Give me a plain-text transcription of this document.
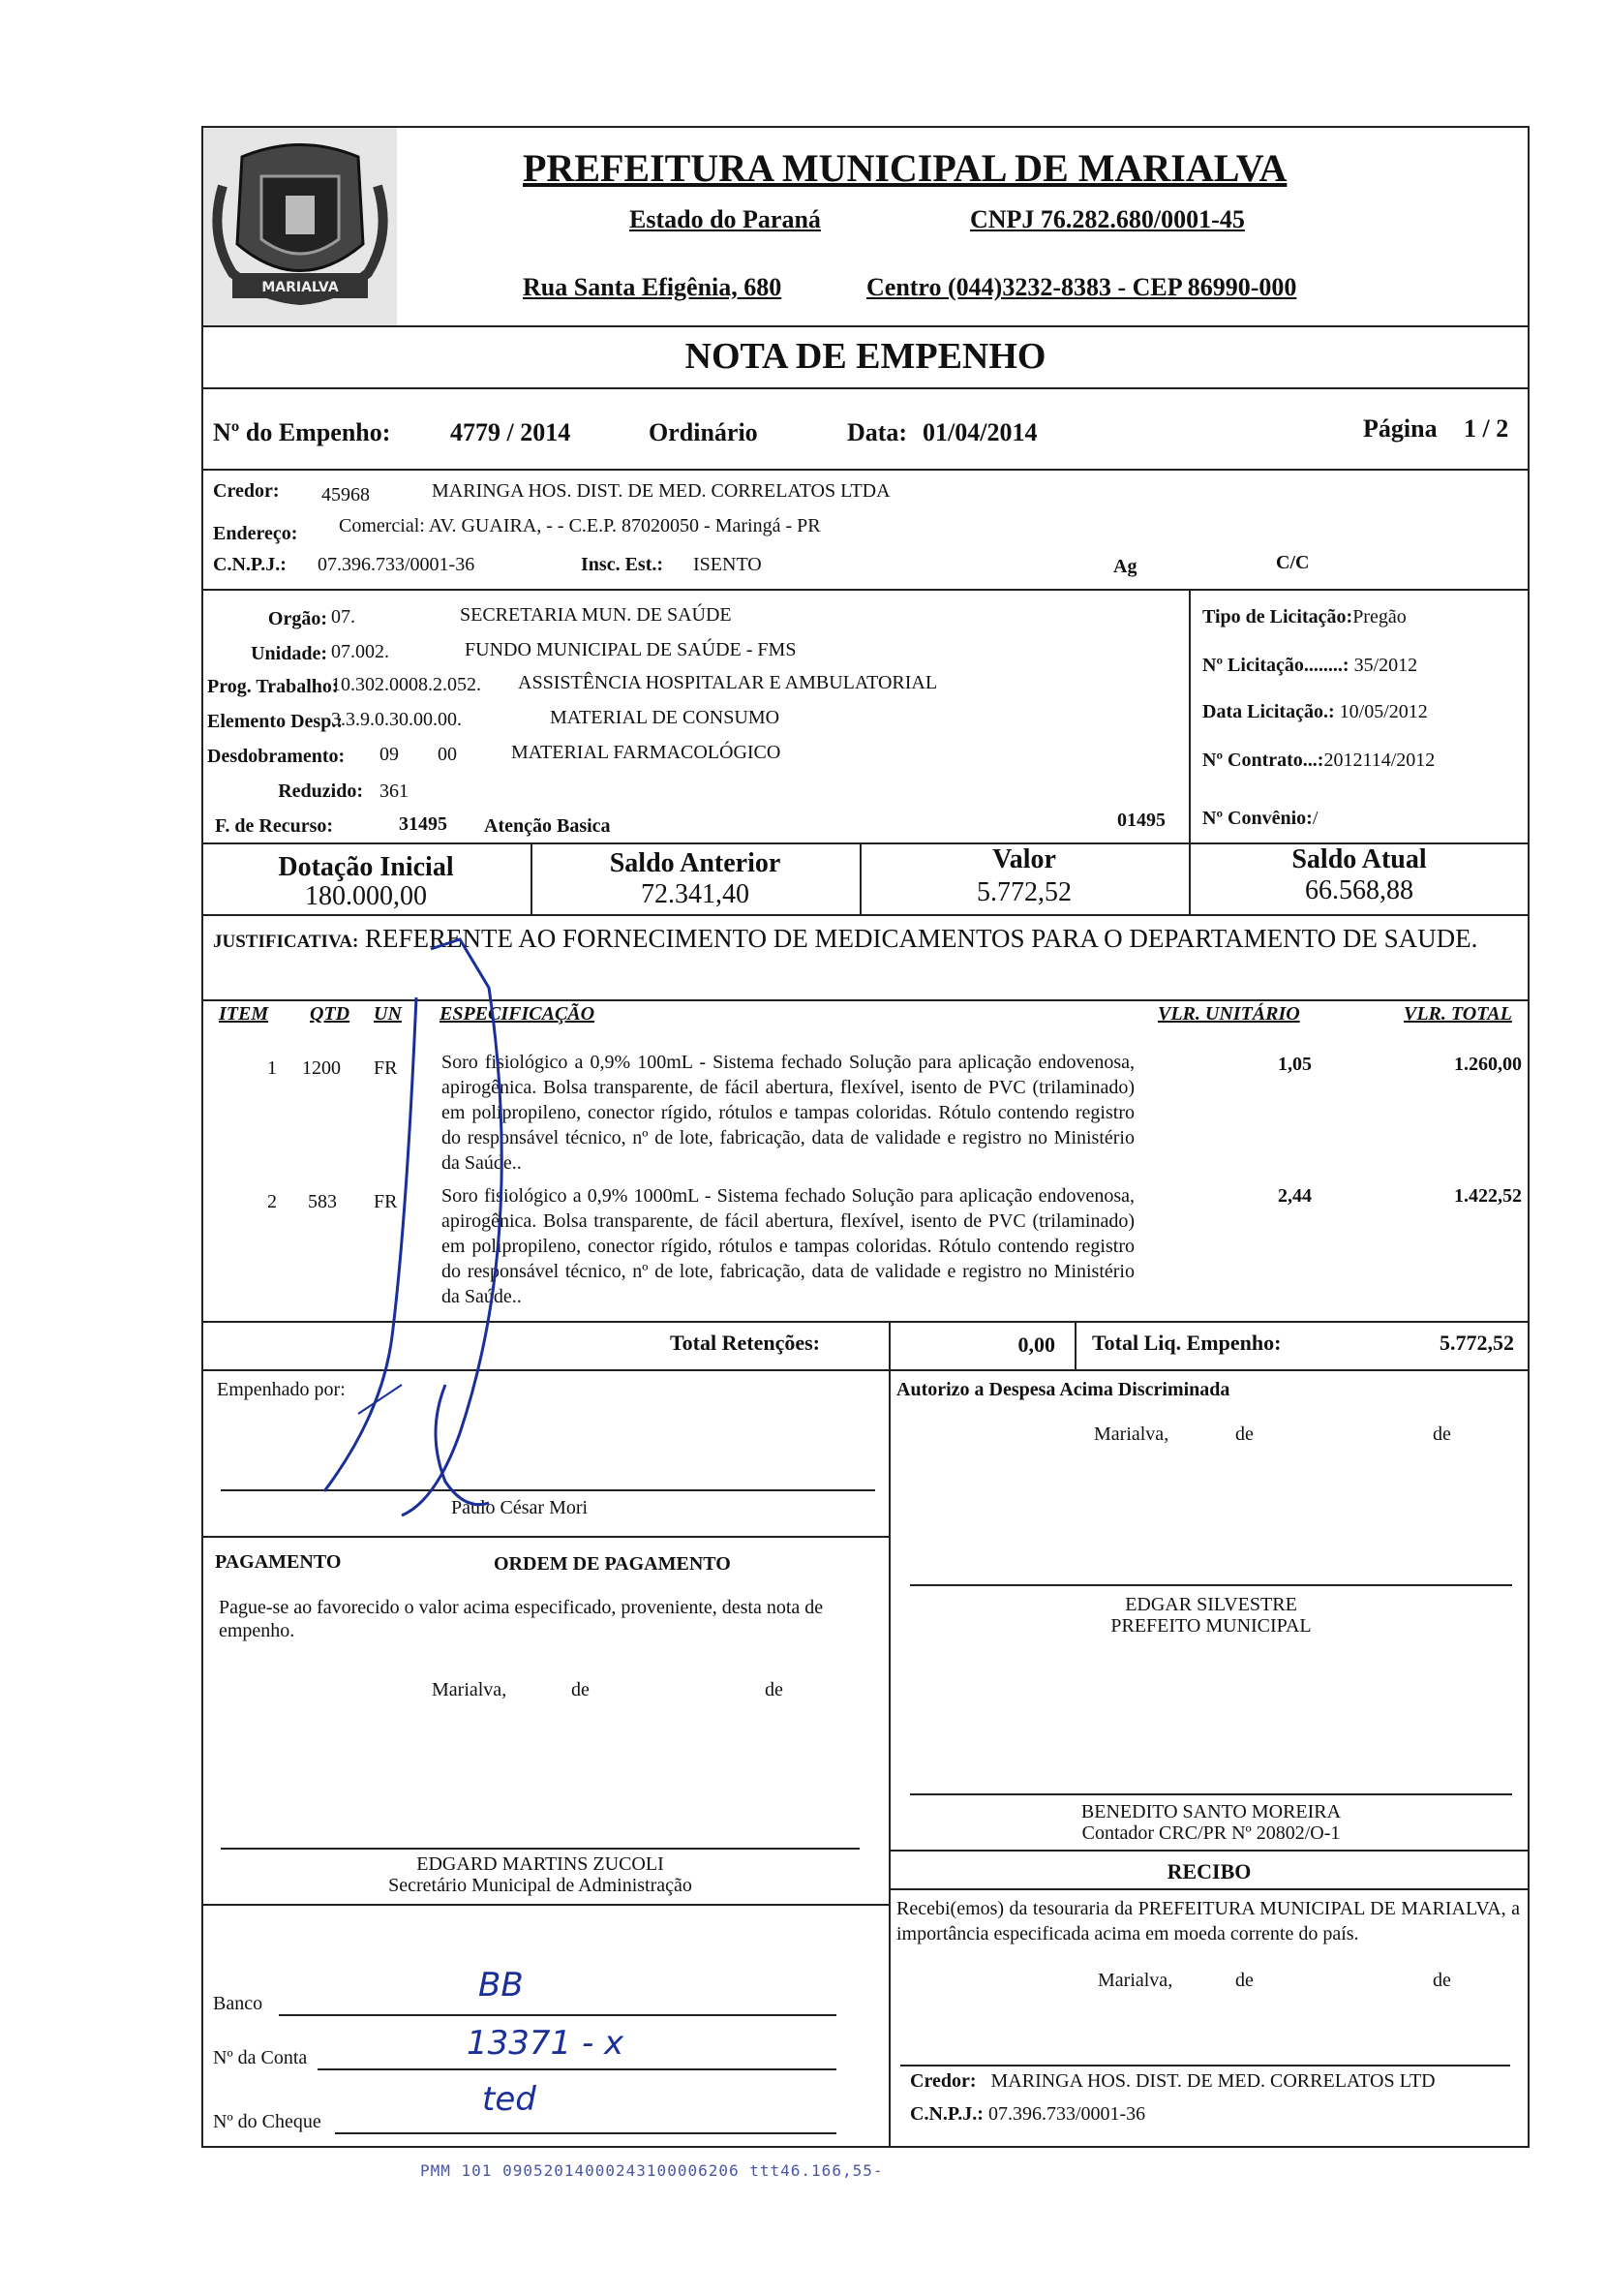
MARIALVA
PREFEITURA MUNICIPAL DE MARIALVA
Estado do Paraná	CNPJ 76.282.680/0001-45
Rua Santa Efigênia, 680	Centro (044)3232-8383 - CEP 86990-000
NOTA DE EMPENHO
Nº do Empenho: 4779 / 2014	Ordinário	Data: 01/04/2014	Página 1 / 2
Credor: 45968	MARINGA HOS. DIST. DE MED. CORRELATOS LTDA
Endereço: Comercial: AV. GUAIRA, - - C.E.P. 87020050 - Maringá - PR
C.N.P.J.: 07.396.733/0001-36	Insc. Est.: ISENTO	Ag	C/C
Orgão: 07.	SECRETARIA MUN. DE SAÚDE
Unidade: 07.002.	FUNDO MUNICIPAL DE SAÚDE - FMS
Prog. Trabalho:
10.302.0008.2.052. ASSISTÊNCIA HOSPITALAR E AMBULATORIAL
Elemento Desp.:
3.3.9.0.30.00.00.	MATERIAL DE CONSUMO
Desdobramento: 09 00	MATERIAL FARMACOLÓGICO
Reduzido: 361
F. de Recurso:	31495 Atenção Basica	01495
Tipo de Licitação:Pregão
Nº Licitação........: 35/2012
Data Licitação.: 10/05/2012
Nº Contrato...:2012114/2012
Nº Convênio:/
Dotação Inicial
180.000,00
Saldo Anterior
72.341,40
Valor
5.772,52
Saldo Atual
66.568,88
JUSTIFICATIVA: REFERENTE AO FORNECIMENTO DE MEDICAMENTOS PARA O DEPARTAMENTO DE SAUDE.
ITEM QTD UN ESPECIFICAÇÃO	VLR. UNITÁRIO	VLR. TOTAL
1 1200 FR Soro fisiológico a 0,9% 100mL - Sistema fechado Solução para aplicação endovenosa, apirogênica. Bolsa transparente, de fácil abertura, flexível, isento de PVC (trilaminado) em polipropileno, conector rígido, rótulos e tampas coloridas. Rótulo contendo registro do responsável técnico, nº de lote, fabricação, data de validade e registro no Ministério da Saúde..
1,05	1.260,00
2 583 FR Soro fisiológico a 0,9% 1000mL - Sistema fechado Solução para aplicação endovenosa, apirogênica. Bolsa transparente, de fácil abertura, flexível, isento de PVC (trilaminado) em polipropileno, conector rígido, rótulos e tampas coloridas. Rótulo contendo registro do responsável técnico, nº de lote, fabricação, data de validade e registro no Ministério da Saúde..
2,44	1.422,52
Total Retenções:	0,00 Total Liq. Empenho:	5.772,52
Empenhado por:
Paulo César Mori
Autorizo a Despesa Acima Discriminada
Marialva,	de	de
EDGAR SILVESTRE
PREFEITO MUNICIPAL
PAGAMENTO	ORDEM DE PAGAMENTO
Pague-se ao favorecido o valor acima especificado, proveniente, desta nota de empenho.
Marialva,	de	de
BENEDITO SANTO MOREIRA
Contador CRC/PR Nº 20802/O-1
EDGARD MARTINS ZUCOLI
Secretário Municipal de Administração
RECIBO
Recebi(emos) da tesouraria da PREFEITURA MUNICIPAL DE MARIALVA, a importância especificada acima em moeda corrente do país.
Marialva,	de	de
Credor: MARINGA HOS. DIST. DE MED. CORRELATOS LTD
C.N.P.J.: 07.396.733/0001-36
Banco	BB
Nº da Conta	13371 - x
Nº do Cheque
ted
PMM 101 09052014000243100006206 ttt46.166,55-
